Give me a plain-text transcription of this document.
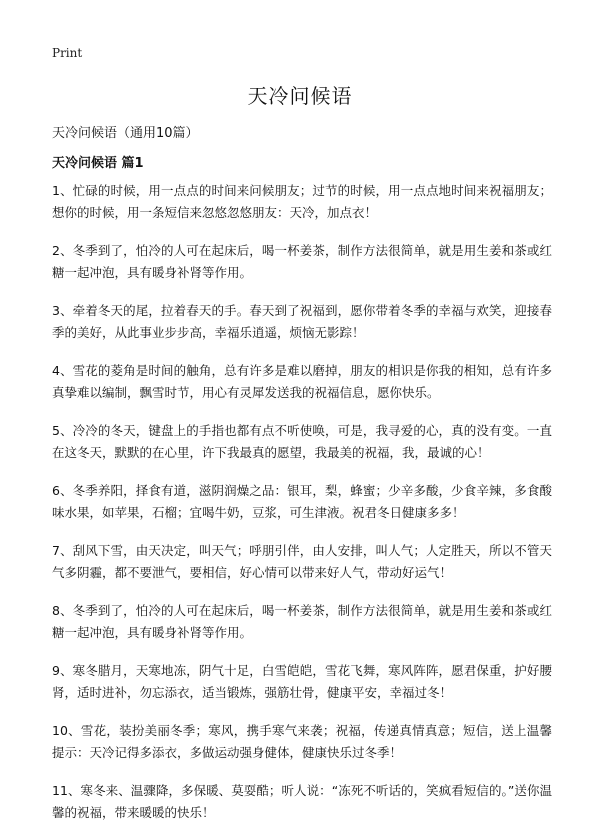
Print
天冷问候语

天冷问候语（通用10篇）

天冷问候语 篇1

1、忙碌的时候，用一点点的时间来问候朋友；过节的时候，用一点点地时间来祝福朋友；想你的时候，用一条短信来忽悠忽悠朋友：天冷，加点衣！

2、冬季到了，怕冷的人可在起床后，喝一杯姜茶，制作方法很简单，就是用生姜和茶或红糖一起冲泡，具有暖身补肾等作用。

3、牵着冬天的尾，拉着春天的手。春天到了祝福到，愿你带着冬季的幸福与欢笑，迎接春季的美好，从此事业步步高，幸福乐逍遥，烦恼无影踪！

4、雪花的菱角是时间的触角，总有许多是难以磨掉，朋友的相识是你我的相知，总有许多真挚难以编制，飘雪时节，用心有灵犀发送我的祝福信息，愿你快乐。

5、冷冷的冬天，键盘上的手指也都有点不听使唤，可是，我寻爱的心，真的没有变。一直在这冬天，默默的在心里，许下我最真的愿望，我最美的祝福，我，最诚的心！

6、冬季养阳，择食有道，滋阴润燥之品：银耳，梨，蜂蜜；少辛多酸，少食辛辣，多食酸味水果，如苹果，石榴；宜喝牛奶，豆浆，可生津液。祝君冬日健康多多！

7、刮风下雪，由天决定，叫天气；呼朋引伴，由人安排，叫人气；人定胜天，所以不管天气多阴霾，都不要泄气，要相信，好心情可以带来好人气，带动好运气！

8、冬季到了，怕冷的人可在起床后，喝一杯姜茶，制作方法很简单，就是用生姜和茶或红糖一起冲泡，具有暖身补肾等作用。

9、寒冬腊月，天寒地冻，阴气十足，白雪皑皑，雪花飞舞，寒风阵阵，愿君保重，护好腰肾，适时进补，勿忘添衣，适当锻炼，强筋壮骨，健康平安，幸福过冬！

10、雪花，装扮美丽冬季；寒风，携手寒气来袭；祝福，传递真情真意；短信，送上温馨提示：天冷记得多添衣，多做运动强身健体，健康快乐过冬季！

11、寒冬来、温骤降，多保暖、莫耍酷；听人说：“冻死不听话的，笑疯看短信的。”送你温馨的祝福，带来暖暖的快乐！
